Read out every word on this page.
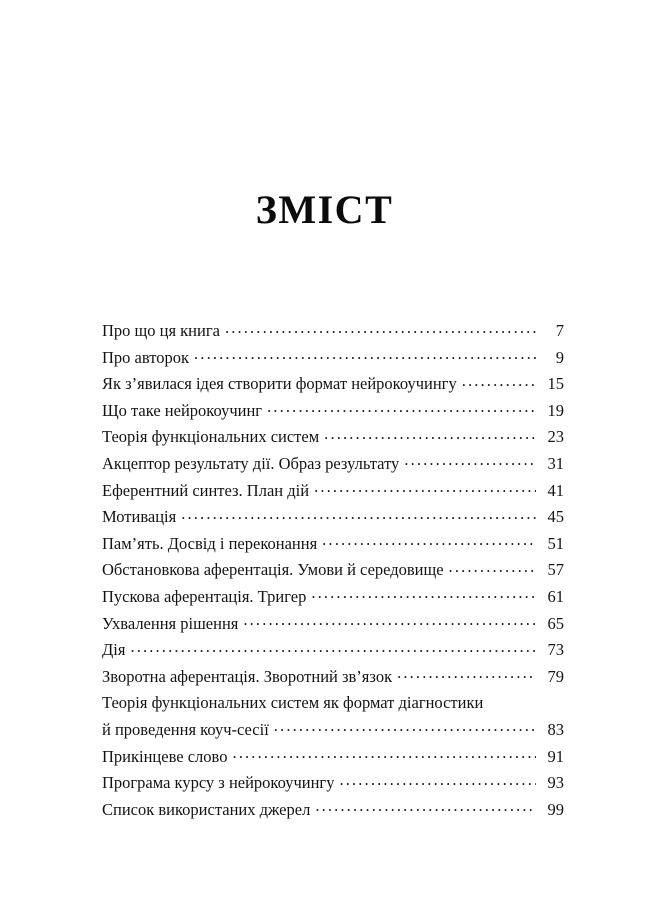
ЗМІСТ
Про що ця книга .....	7
Про авторок .....	9
Як з’явилася ідея створити формат нейрокоучингу .....	15
Що таке нейрокоучинг .....	19
Теорія функціональних систем .....	23
Акцептор результату дії. Образ результату .....	31
Еферентний синтез. План дій .....	41
Мотивація .....	45
Пам’ять. Досвід і переконання .....	51
Обстановкова аферентація. Умови й середовище .....	57
Пускова аферентація. Тригер .....	61
Ухвалення рішення .....	65
Дія .....	73
Зворотна аферентація. Зворотний зв’язок .....	79
Теорія функціональних систем як формат діагностики
й проведення коуч-сесії .....	83
Прикінцеве слово .....	91
Програма курсу з нейрокоучингу .....	93
Список використаних джерел .....	99
